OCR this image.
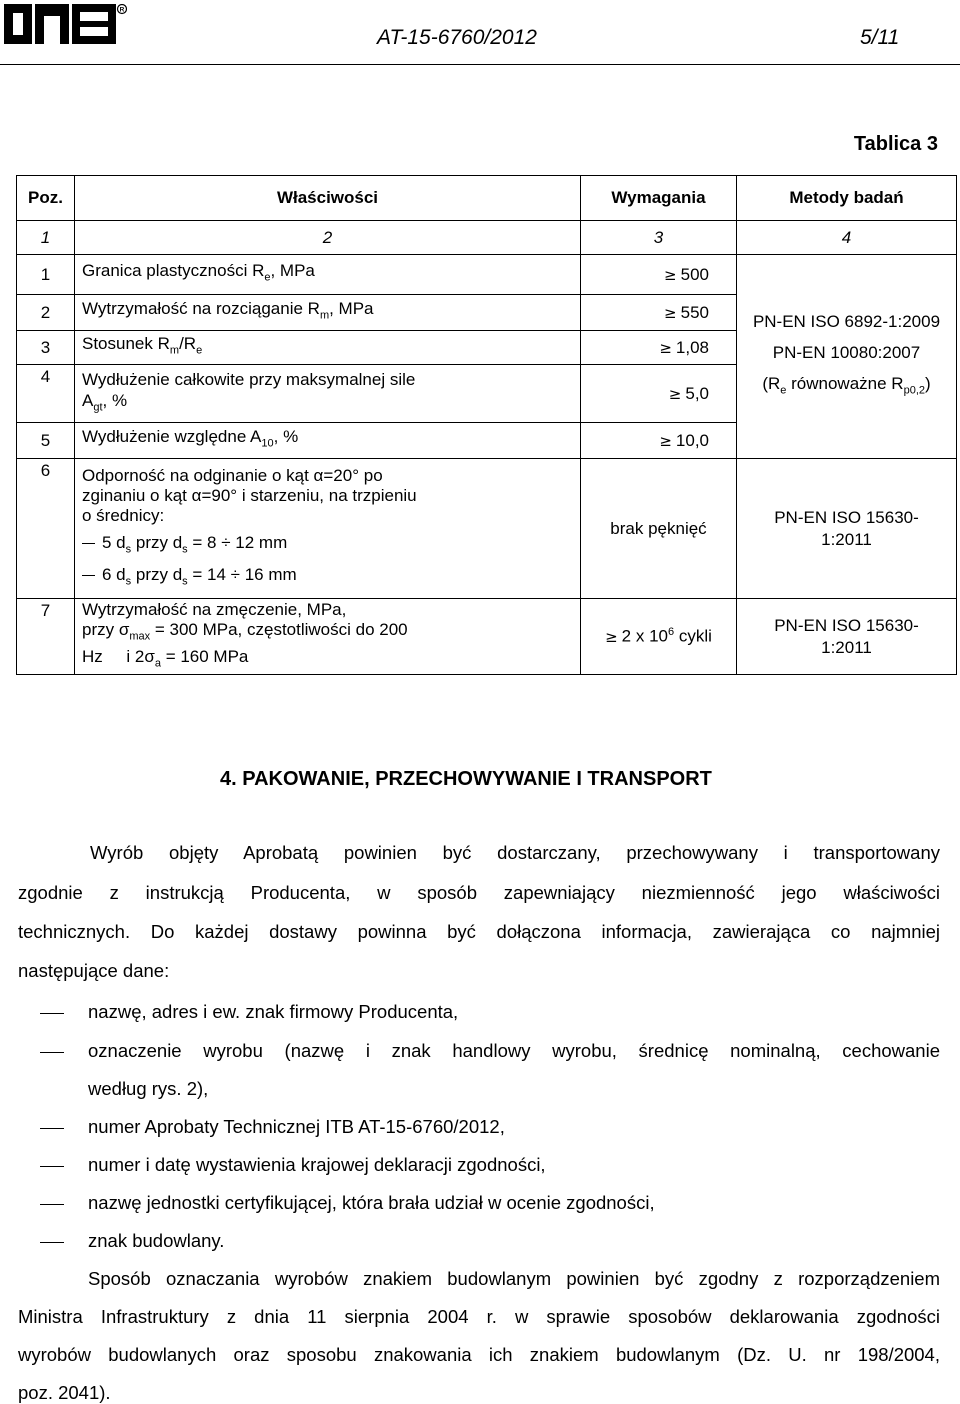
R
AT-15-6760/2012	5/11
Tablica 3
Poz.	Właściwości	Wymagania	Metody badań
1	2	3	4
1	Granica plastyczności $R_e$, MPa	≥ 500	PN-EN ISO 6892-1:2009
PN-EN 10080:2007
($R_e$ równoważne $R_{p0,2}$)

2	Wytrzymałość na rozciąganie $R_m$, MPa	≥ 550	
3	Stosunek $R_m/R_e$	≥ 1,08	
4	Wydłużenie całkowite przy maksymalnej sile
$A_{gt}$, %	≥ 5,0	
5	Wydłużenie względne $A_{10}$, %	≥ 10,0	
6	Odporność na odginanie o kąt α=20° po
zginaniu o kąt α=90° i starzeniu, na trzpieniu
o średnicy:
5 $d_s$ przy $d_s = 8 \div 12$ mm
6 $d_s$ przy $d_s = 14 \div 16$ mm	brak pęknięć	PN-EN ISO 15630-1:2011
7	Wytrzymałość na zmęczenie, MPa,
przy $\sigma_{max} = 300$ MPa, częstotliwości do 200
Hz     i $2\sigma_a = 160$ MPa	≥ 2 x $10^6$ cykli	PN-EN ISO 15630-1:2011
4. PAKOWANIE, PRZECHOWYWANIE I TRANSPORT
Wyrób objęty Aprobatą powinien być dostarczany, przechowywany i transportowany
zgodnie z instrukcją Producenta, w sposób zapewniający niezmienność jego właściwości
technicznych. Do każdej dostawy powinna być dołączona informacja, zawierająca co najmniej
następujące dane:
nazwę, adres i ew. znak firmowy Producenta,
oznaczenie wyrobu (nazwę i znak handlowy wyrobu, średnicę nominalną, cechowanie
według rys. 2),
numer Aprobaty Technicznej ITB AT-15-6760/2012,
numer i datę wystawienia krajowej deklaracji zgodności,
nazwę jednostki certyfikującej, która brała udział w ocenie zgodności,
znak budowlany.
Sposób oznaczania wyrobów znakiem budowlanym powinien być zgodny z rozporządzeniem
Ministra Infrastruktury z dnia 11 sierpnia 2004 r. w sprawie sposobów deklarowania zgodności
wyrobów budowlanych oraz sposobu znakowania ich znakiem budowlanym (Dz. U. nr 198/2004,
poz. 2041).
